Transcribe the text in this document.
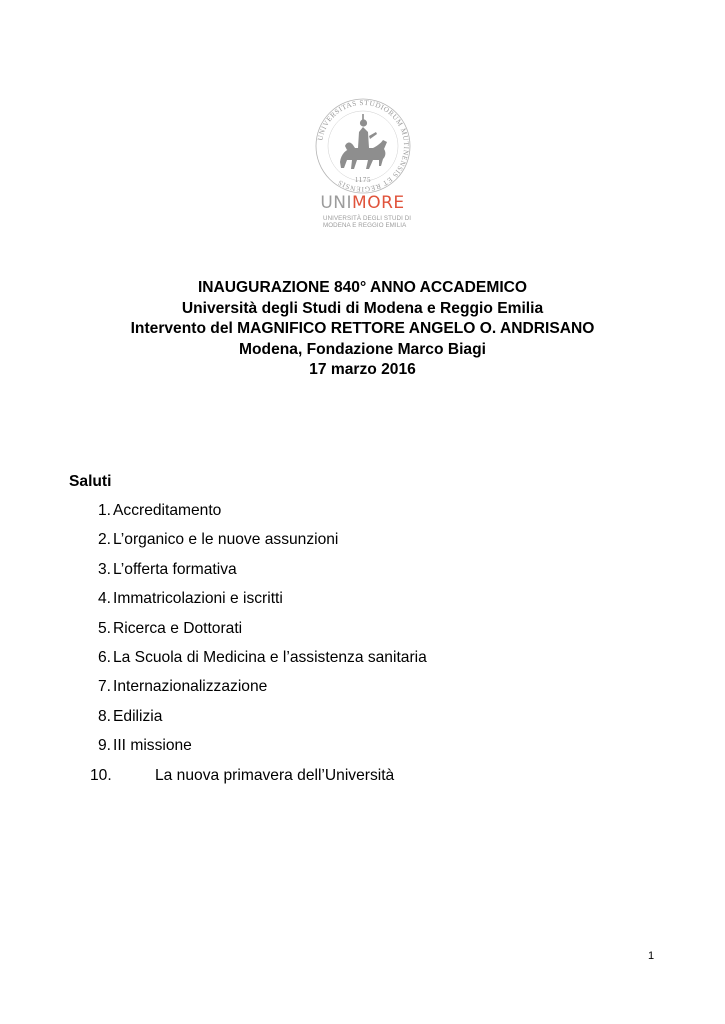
UNIVERSITAS STUDIORUM MUTINENSIS ET REGIENSIS	1175
UNIMORE
UNIVERSITÀ DEGLI STUDI DI
MODENA E REGGIO EMILIA
INAUGURAZIONE 840° ANNO ACCADEMICO
Università degli Studi di Modena e Reggio Emilia
Intervento del MAGNIFICO RETTORE ANGELO O. ANDRISANO
Modena, Fondazione Marco Biagi
17 marzo 2016
Saluti
1. Accreditamento
2. L’organico e le nuove assunzioni
3. L’offerta formativa
4. Immatricolazioni e iscritti
5. Ricerca e Dottorati
6. La Scuola di Medicina e l’assistenza sanitaria
7. Internazionalizzazione
8. Edilizia
9. III missione
10.	La nuova primavera dell’Università
1
